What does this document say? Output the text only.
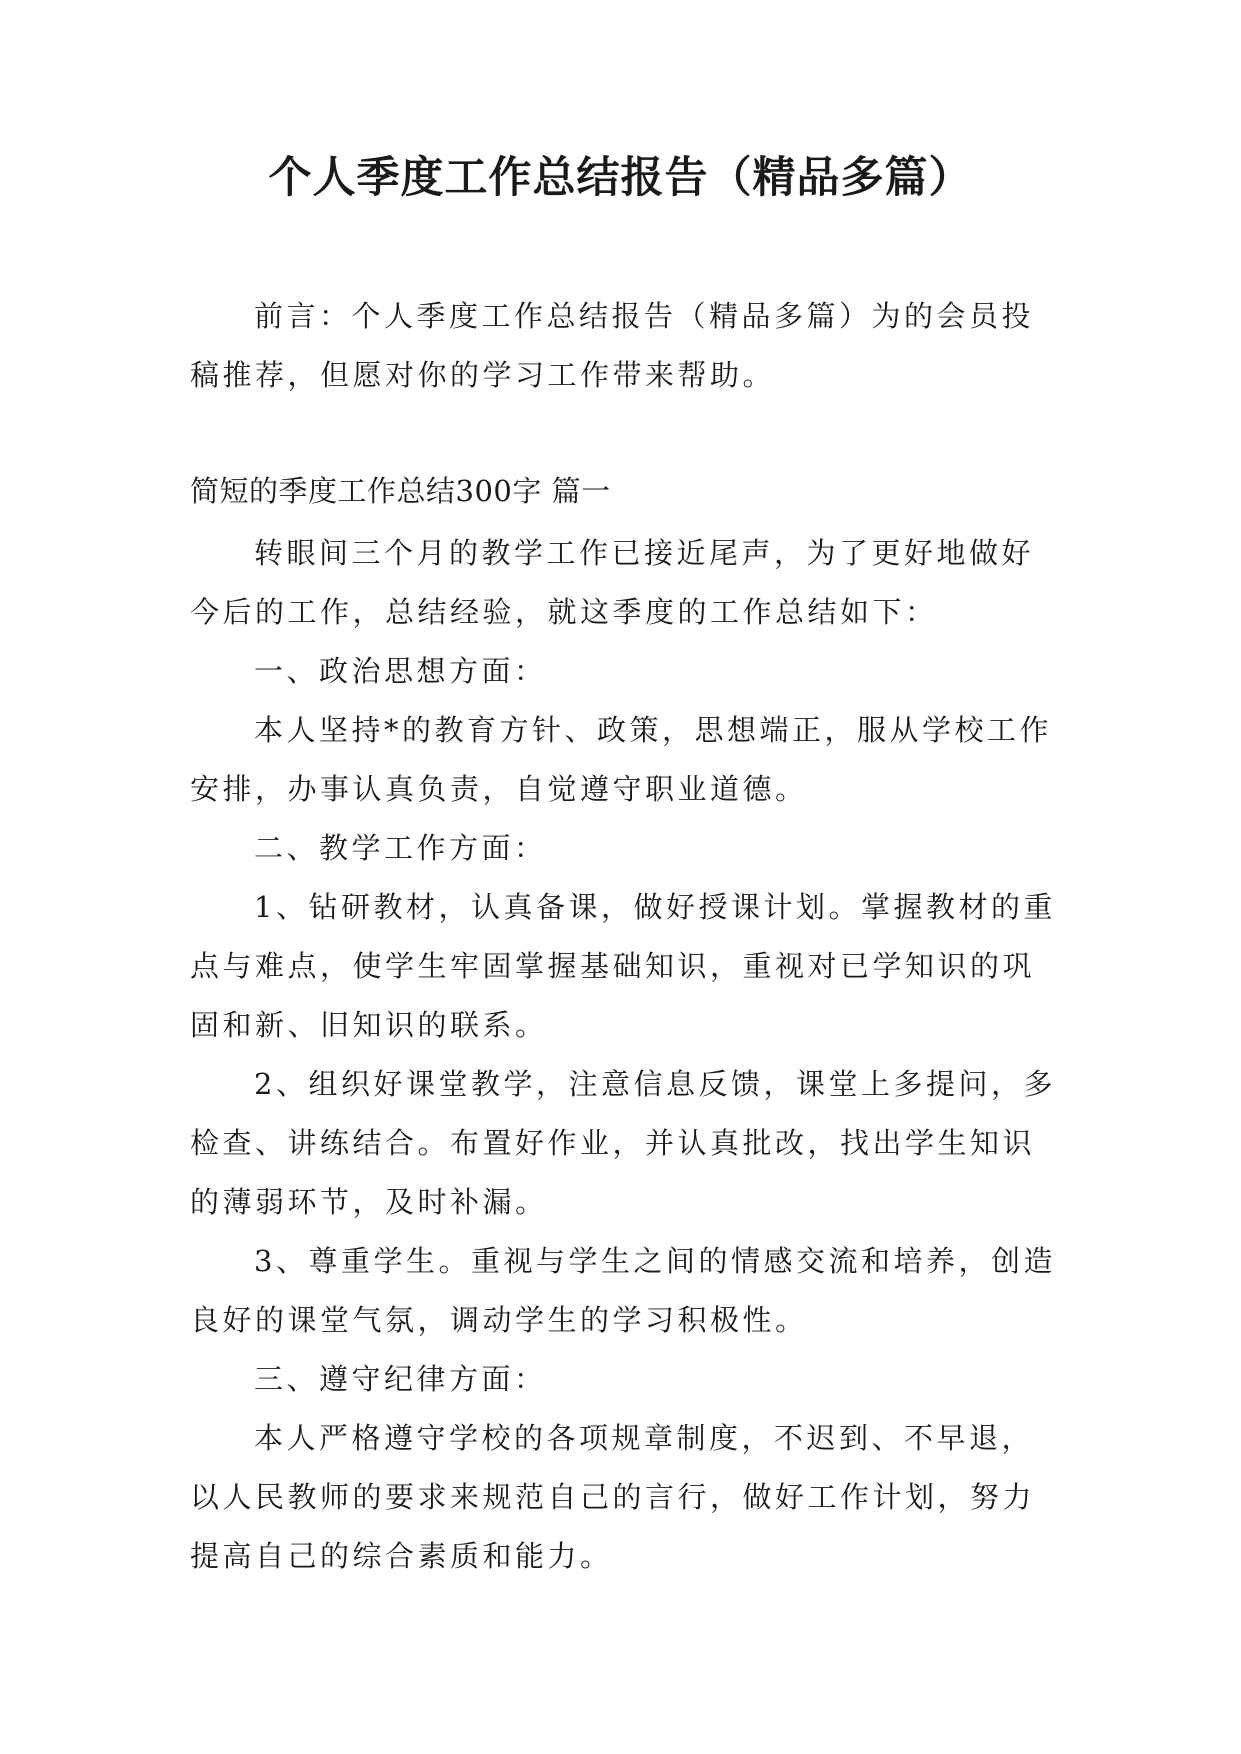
个人季度工作总结报告（精品多篇）

前言：个人季度工作总结报告（精品多篇）为的会员投稿推荐，但愿对你的学习工作带来帮助。

简短的季度工作总结300字 篇一

转眼间三个月的教学工作已接近尾声，为了更好地做好今后的工作，总结经验，就这季度的工作总结如下：

一、政治思想方面：

本人坚持*的教育方针、政策，思想端正，服从学校工作安排，办事认真负责，自觉遵守职业道德。

二、教学工作方面：

1、钻研教材，认真备课，做好授课计划。掌握教材的重点与难点，使学生牢固掌握基础知识，重视对已学知识的巩固和新、旧知识的联系。

2、组织好课堂教学，注意信息反馈，课堂上多提问，多检查、讲练结合。布置好作业，并认真批改，找出学生知识的薄弱环节，及时补漏。

3、尊重学生。重视与学生之间的情感交流和培养，创造良好的课堂气氛，调动学生的学习积极性。

三、遵守纪律方面：

本人严格遵守学校的各项规章制度，不迟到、不早退，以人民教师的要求来规范自己的言行，做好工作计划，努力提高自己的综合素质和能力。
